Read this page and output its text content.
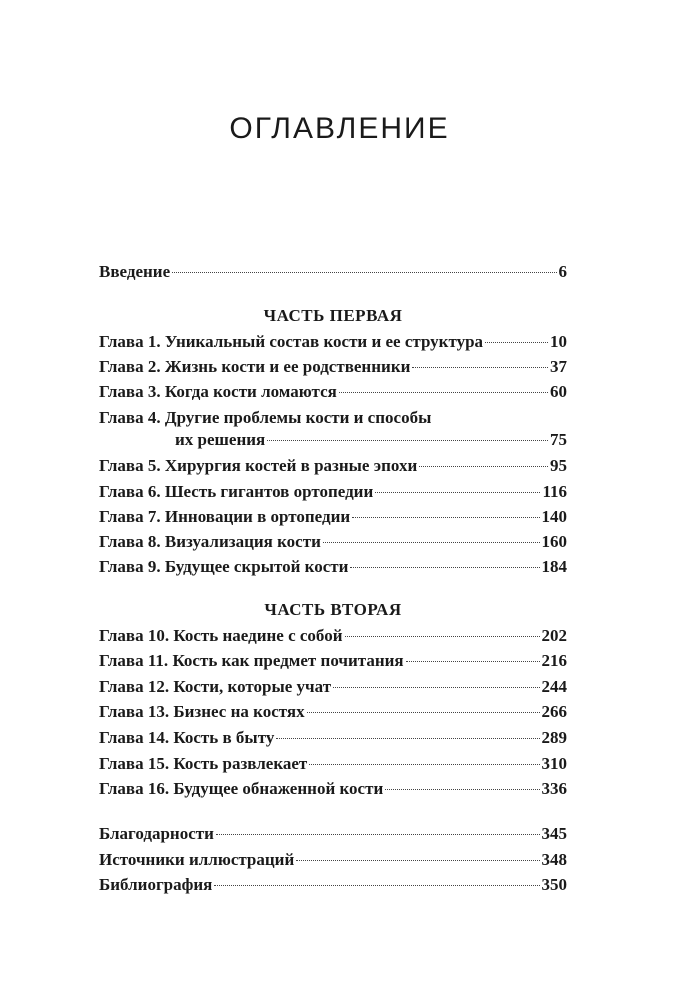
ОГЛАВЛЕНИЕ
Введение	6
ЧАСТЬ ПЕРВАЯ
Глава 1. Уникальный состав кости и ее структура	10
Глава 2. Жизнь кости и ее родственники	37
Глава 3. Когда кости ломаются	60
Глава 4. Другие проблемы кости и способы
их решения	75
Глава 5. Хирургия костей в разные эпохи	95
Глава 6. Шесть гигантов ортопедии	116
Глава 7. Инновации в ортопедии	140
Глава 8. Визуализация кости	160
Глава 9. Будущее скрытой кости	184
ЧАСТЬ ВТОРАЯ
Глава 10. Кость наедине с собой	202
Глава 11. Кость как предмет почитания	216
Глава 12. Кости, которые учат	244
Глава 13. Бизнес на костях	266
Глава 14. Кость в быту	289
Глава 15. Кость развлекает	310
Глава 16. Будущее обнаженной кости	336
Благодарности	345
Источники иллюстраций	348
Библиография	350
